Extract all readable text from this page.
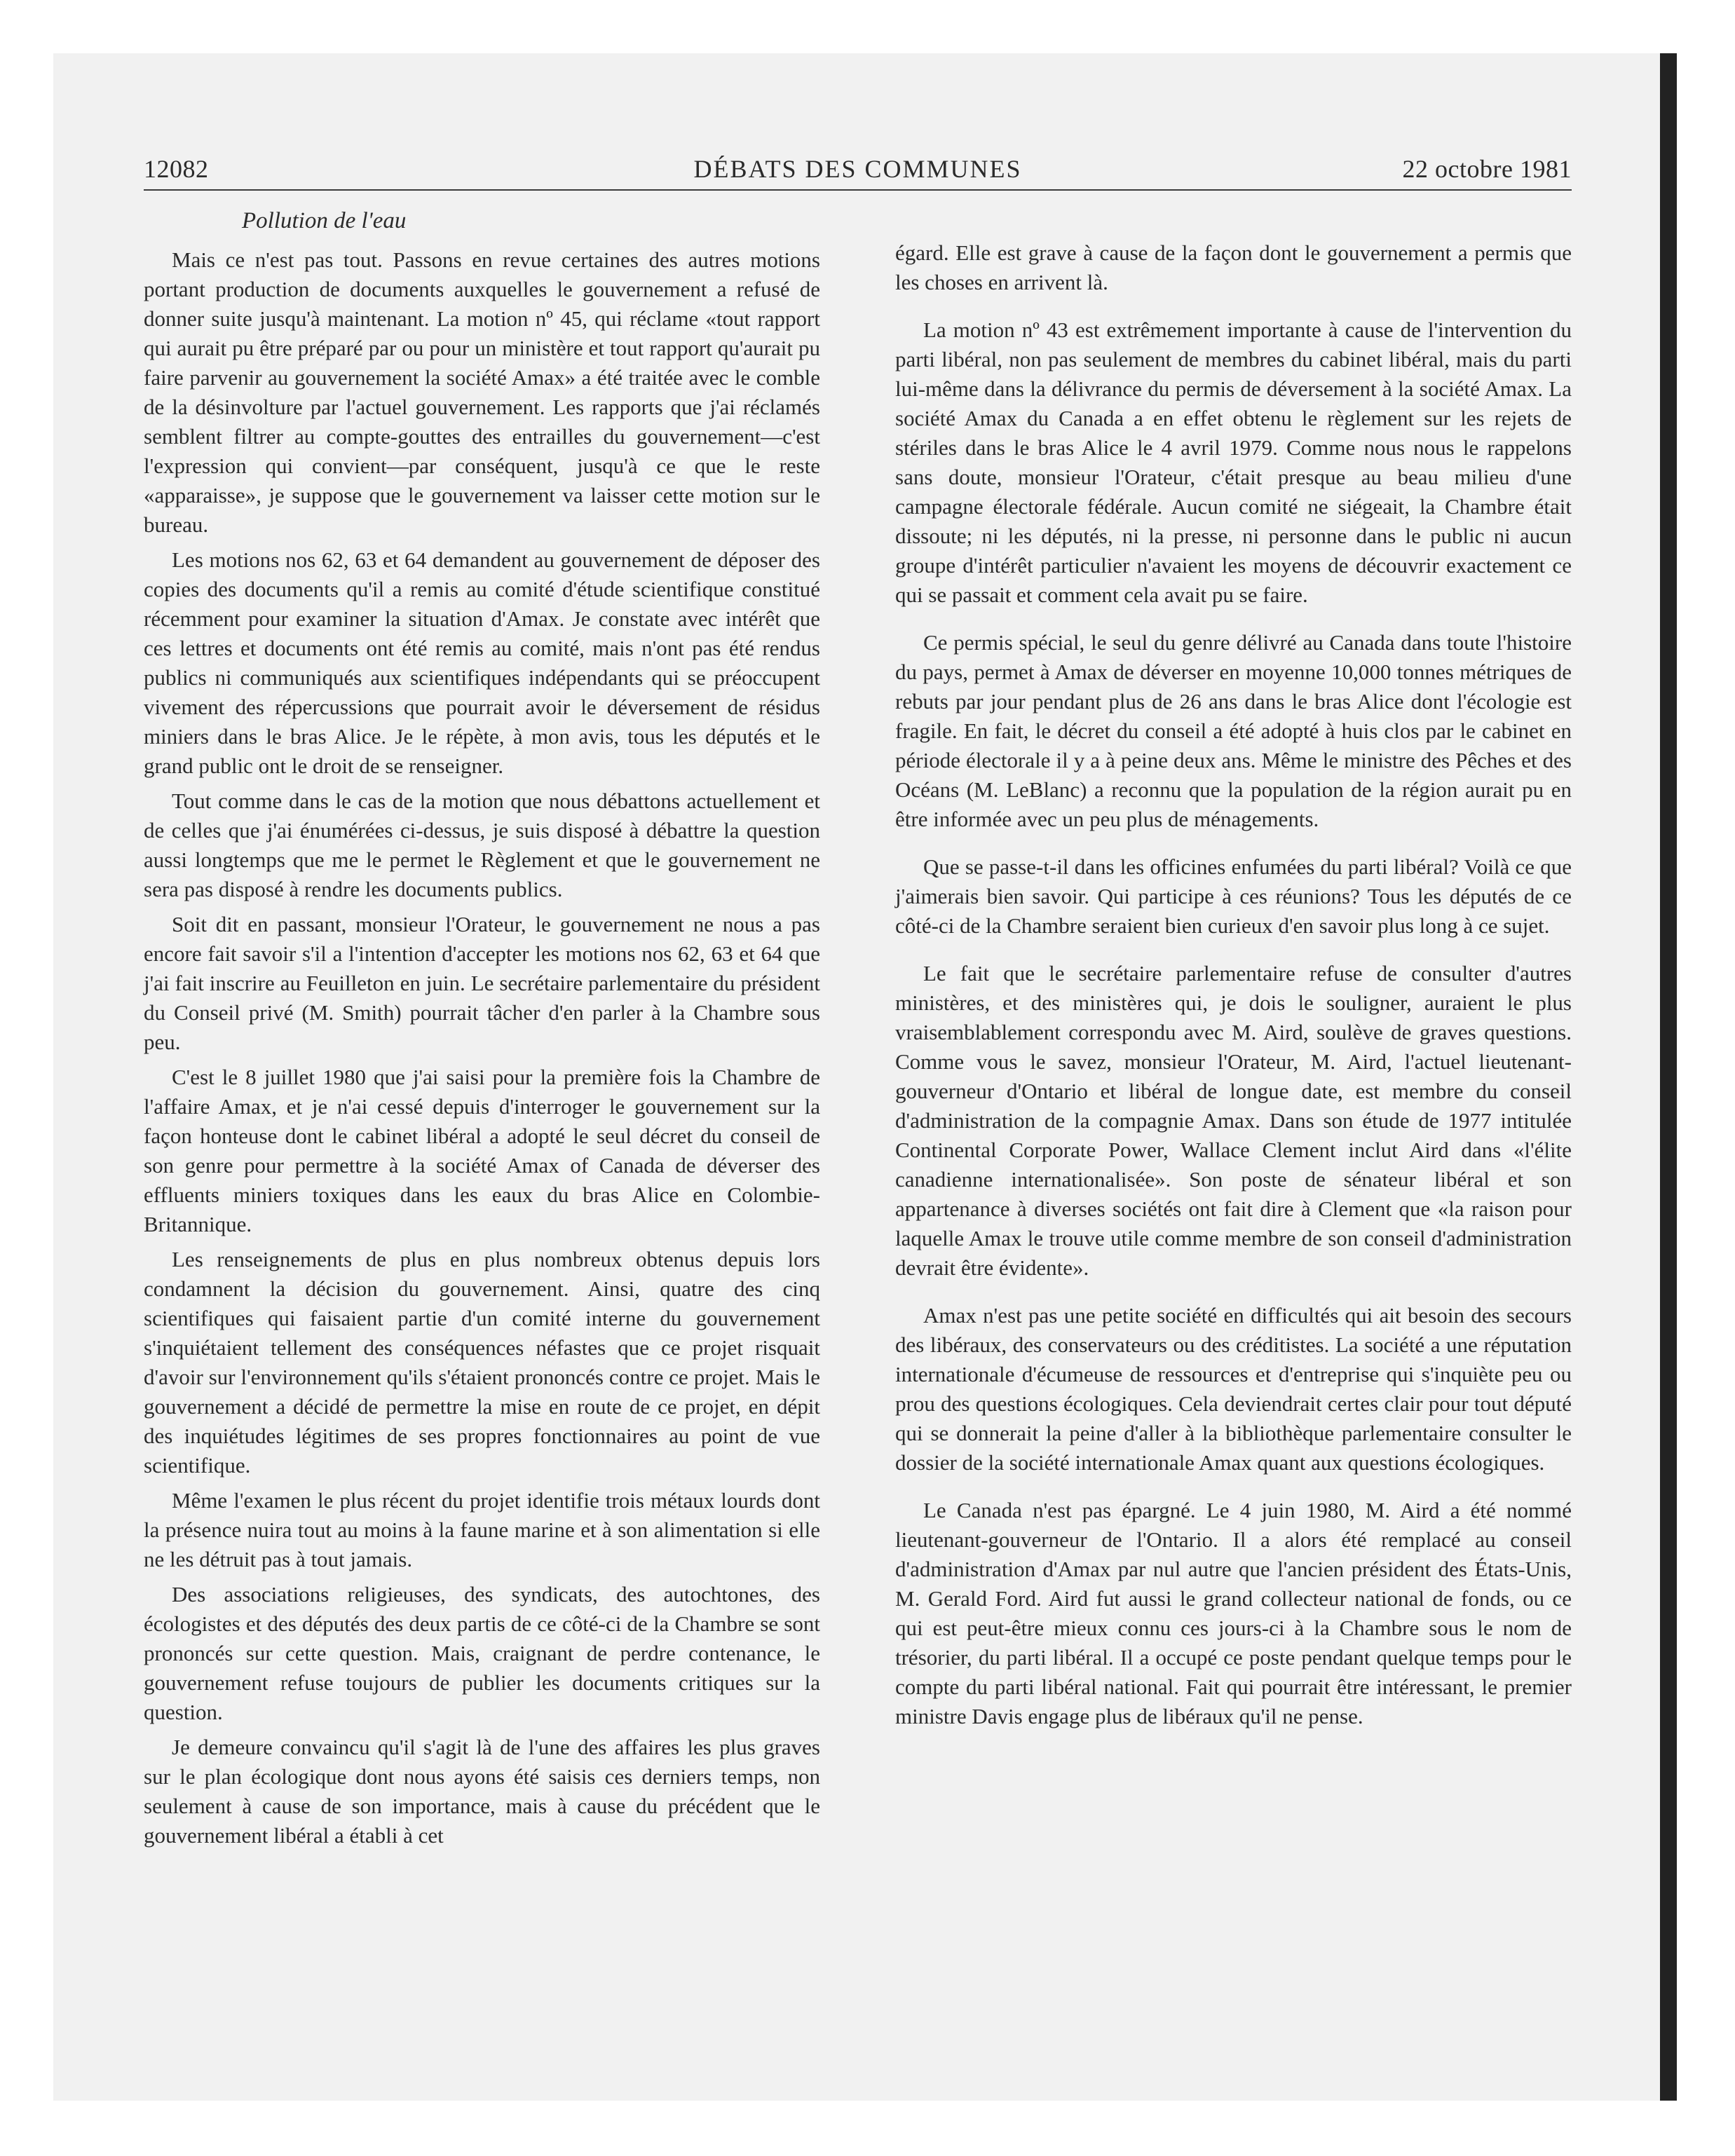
12082	DÉBATS DES COMMUNES	22 octobre 1981
Pollution de l'eau

Mais ce n'est pas tout. Passons en revue certaines des autres motions portant production de documents auxquelles le gouvernement a refusé de donner suite jusqu'à maintenant. La motion nº 45, qui réclame «tout rapport qui aurait pu être préparé par ou pour un ministère et tout rapport qu'aurait pu faire parvenir au gouvernement la société Amax» a été traitée avec le comble de la désinvolture par l'actuel gouvernement. Les rapports que j'ai réclamés semblent filtrer au compte-gouttes des entrailles du gouvernement—c'est l'expression qui convient—par conséquent, jusqu'à ce que le reste «apparaisse», je suppose que le gouvernement va laisser cette motion sur le bureau.

Les motions nos 62, 63 et 64 demandent au gouvernement de déposer des copies des documents qu'il a remis au comité d'étude scientifique constitué récemment pour examiner la situation d'Amax. Je constate avec intérêt que ces lettres et documents ont été remis au comité, mais n'ont pas été rendus publics ni communiqués aux scientifiques indépendants qui se préoccupent vivement des répercussions que pourrait avoir le déversement de résidus miniers dans le bras Alice. Je le répète, à mon avis, tous les députés et le grand public ont le droit de se renseigner.

Tout comme dans le cas de la motion que nous débattons actuellement et de celles que j'ai énumérées ci-dessus, je suis disposé à débattre la question aussi longtemps que me le permet le Règlement et que le gouvernement ne sera pas disposé à rendre les documents publics.

Soit dit en passant, monsieur l'Orateur, le gouvernement ne nous a pas encore fait savoir s'il a l'intention d'accepter les motions nos 62, 63 et 64 que j'ai fait inscrire au Feuilleton en juin. Le secrétaire parlementaire du président du Conseil privé (M. Smith) pourrait tâcher d'en parler à la Chambre sous peu.

C'est le 8 juillet 1980 que j'ai saisi pour la première fois la Chambre de l'affaire Amax, et je n'ai cessé depuis d'interroger le gouvernement sur la façon honteuse dont le cabinet libéral a adopté le seul décret du conseil de son genre pour permettre à la société Amax of Canada de déverser des effluents miniers toxiques dans les eaux du bras Alice en Colombie-Britannique.

Les renseignements de plus en plus nombreux obtenus depuis lors condamnent la décision du gouvernement. Ainsi, quatre des cinq scientifiques qui faisaient partie d'un comité interne du gouvernement s'inquiétaient tellement des conséquences néfastes que ce projet risquait d'avoir sur l'environnement qu'ils s'étaient prononcés contre ce projet. Mais le gouvernement a décidé de permettre la mise en route de ce projet, en dépit des inquiétudes légitimes de ses propres fonctionnaires au point de vue scientifique.

Même l'examen le plus récent du projet identifie trois métaux lourds dont la présence nuira tout au moins à la faune marine et à son alimentation si elle ne les détruit pas à tout jamais.

Des associations religieuses, des syndicats, des autochtones, des écologistes et des députés des deux partis de ce côté-ci de la Chambre se sont prononcés sur cette question. Mais, craignant de perdre contenance, le gouvernement refuse toujours de publier les documents critiques sur la question.

Je demeure convaincu qu'il s'agit là de l'une des affaires les plus graves sur le plan écologique dont nous ayons été saisis ces derniers temps, non seulement à cause de son importance, mais à cause du précédent que le gouvernement libéral a établi à cet

égard. Elle est grave à cause de la façon dont le gouvernement a permis que les choses en arrivent là.

La motion nº 43 est extrêmement importante à cause de l'intervention du parti libéral, non pas seulement de membres du cabinet libéral, mais du parti lui-même dans la délivrance du permis de déversement à la société Amax. La société Amax du Canada a en effet obtenu le règlement sur les rejets de stériles dans le bras Alice le 4 avril 1979. Comme nous nous le rappelons sans doute, monsieur l'Orateur, c'était presque au beau milieu d'une campagne électorale fédérale. Aucun comité ne siégeait, la Chambre était dissoute; ni les députés, ni la presse, ni personne dans le public ni aucun groupe d'intérêt particulier n'avaient les moyens de découvrir exactement ce qui se passait et comment cela avait pu se faire.

Ce permis spécial, le seul du genre délivré au Canada dans toute l'histoire du pays, permet à Amax de déverser en moyenne 10,000 tonnes métriques de rebuts par jour pendant plus de 26 ans dans le bras Alice dont l'écologie est fragile. En fait, le décret du conseil a été adopté à huis clos par le cabinet en période électorale il y a à peine deux ans. Même le ministre des Pêches et des Océans (M. LeBlanc) a reconnu que la population de la région aurait pu en être informée avec un peu plus de ménagements.

Que se passe-t-il dans les officines enfumées du parti libéral? Voilà ce que j'aimerais bien savoir. Qui participe à ces réunions? Tous les députés de ce côté-ci de la Chambre seraient bien curieux d'en savoir plus long à ce sujet.

Le fait que le secrétaire parlementaire refuse de consulter d'autres ministères, et des ministères qui, je dois le souligner, auraient le plus vraisemblablement correspondu avec M. Aird, soulève de graves questions. Comme vous le savez, monsieur l'Orateur, M. Aird, l'actuel lieutenant-gouverneur d'Ontario et libéral de longue date, est membre du conseil d'administration de la compagnie Amax. Dans son étude de 1977 intitulée Continental Corporate Power, Wallace Clement inclut Aird dans «l'élite canadienne internationalisée». Son poste de sénateur libéral et son appartenance à diverses sociétés ont fait dire à Clement que «la raison pour laquelle Amax le trouve utile comme membre de son conseil d'administration devrait être évidente».

Amax n'est pas une petite société en difficultés qui ait besoin des secours des libéraux, des conservateurs ou des créditistes. La société a une réputation internationale d'écumeuse de ressources et d'entreprise qui s'inquiète peu ou prou des questions écologiques. Cela deviendrait certes clair pour tout député qui se donnerait la peine d'aller à la bibliothèque parlementaire consulter le dossier de la société internationale Amax quant aux questions écologiques.

Le Canada n'est pas épargné. Le 4 juin 1980, M. Aird a été nommé lieutenant-gouverneur de l'Ontario. Il a alors été remplacé au conseil d'administration d'Amax par nul autre que l'ancien président des États-Unis, M. Gerald Ford. Aird fut aussi le grand collecteur national de fonds, ou ce qui est peut-être mieux connu ces jours-ci à la Chambre sous le nom de trésorier, du parti libéral. Il a occupé ce poste pendant quelque temps pour le compte du parti libéral national. Fait qui pourrait être intéressant, le premier ministre Davis engage plus de libéraux qu'il ne pense.
